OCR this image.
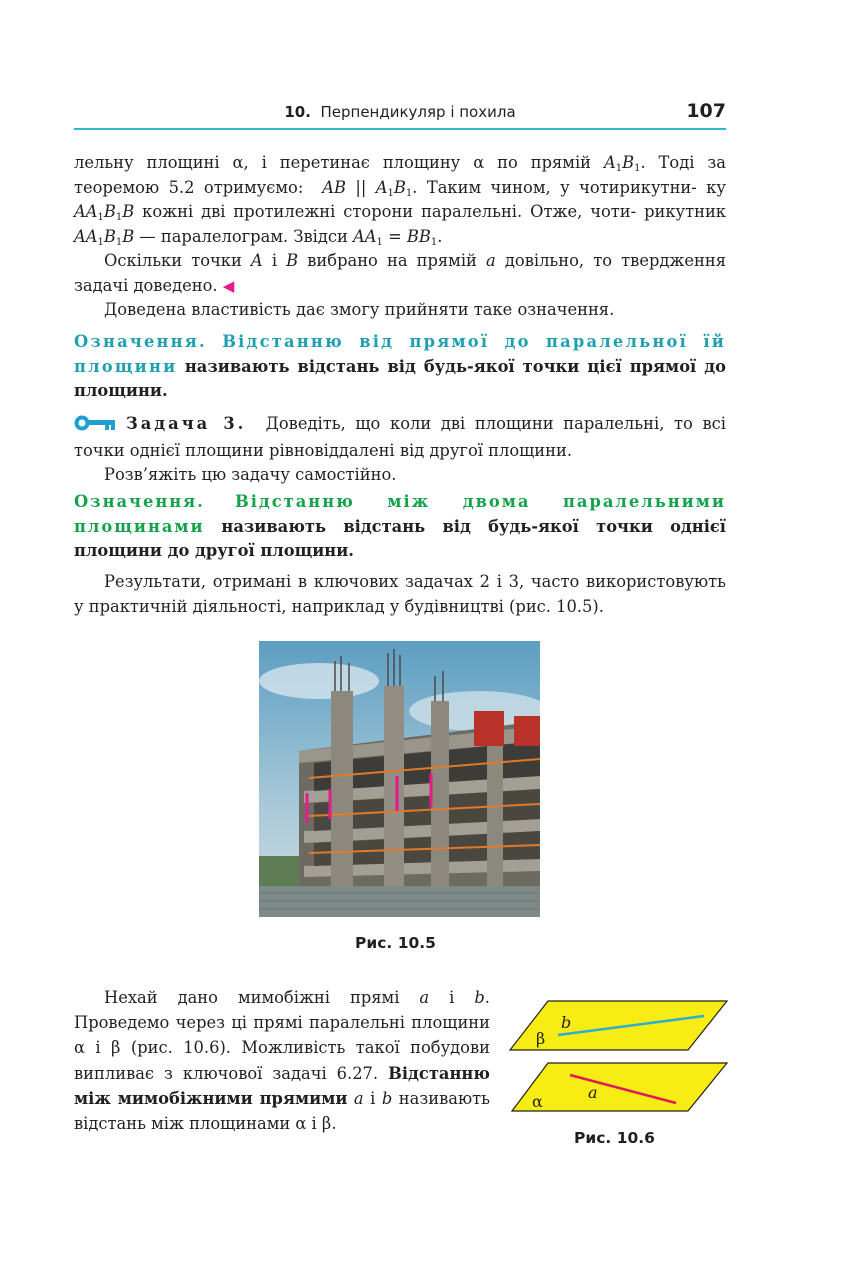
10. Перпендикуляр і похила	107

лельну площині α, і перетинає площину α по прямій $A_1B_1$. Тоді за теоремою 5.2 отримуємо: AB || $A_1B_1$. Таким чином, у чотирикутни- ку $AA_1B_1B$ кожні дві протилежні сторони паралельні. Отже, чоти- рикутник $AA_1B_1B$ — паралелограм. Звідси $AA_1 = BB_1$.

Оскільки точки A і B вибрано на прямій a довільно, то твердження задачі доведено. ◀

Доведена властивість дає змогу прийняти таке означення.

Означення. Відстанню від прямої до паралельної їй площини називають відстань від будь-якої точки цієї прямої до площини.

Задача 3. Доведіть, що коли дві площини паралельні, то всі точки однієї площини рівновіддалені від другої площини.

Розв’яжіть цю задачу самостійно.

Означення. Відстанню між двома паралельними площинами називають відстань від будь-якої точки однієї площини до другої площини.

Результати, отримані в ключових задачах 2 і 3, часто використовують у практичній діяльності, наприклад у будівництві (рис. 10.5).

Рис. 10.5

Нехай дано мимобіжні прямі a і b. Проведемо через ці прямі паралельні площини α і β (рис. 10.6). Можливість такої побудови випливає з ключової задачі 6.27. Відстанню між мимобіжними прямими a і b називають відстань між площинами α і β.

b
β
a
α
Рис. 10.6
